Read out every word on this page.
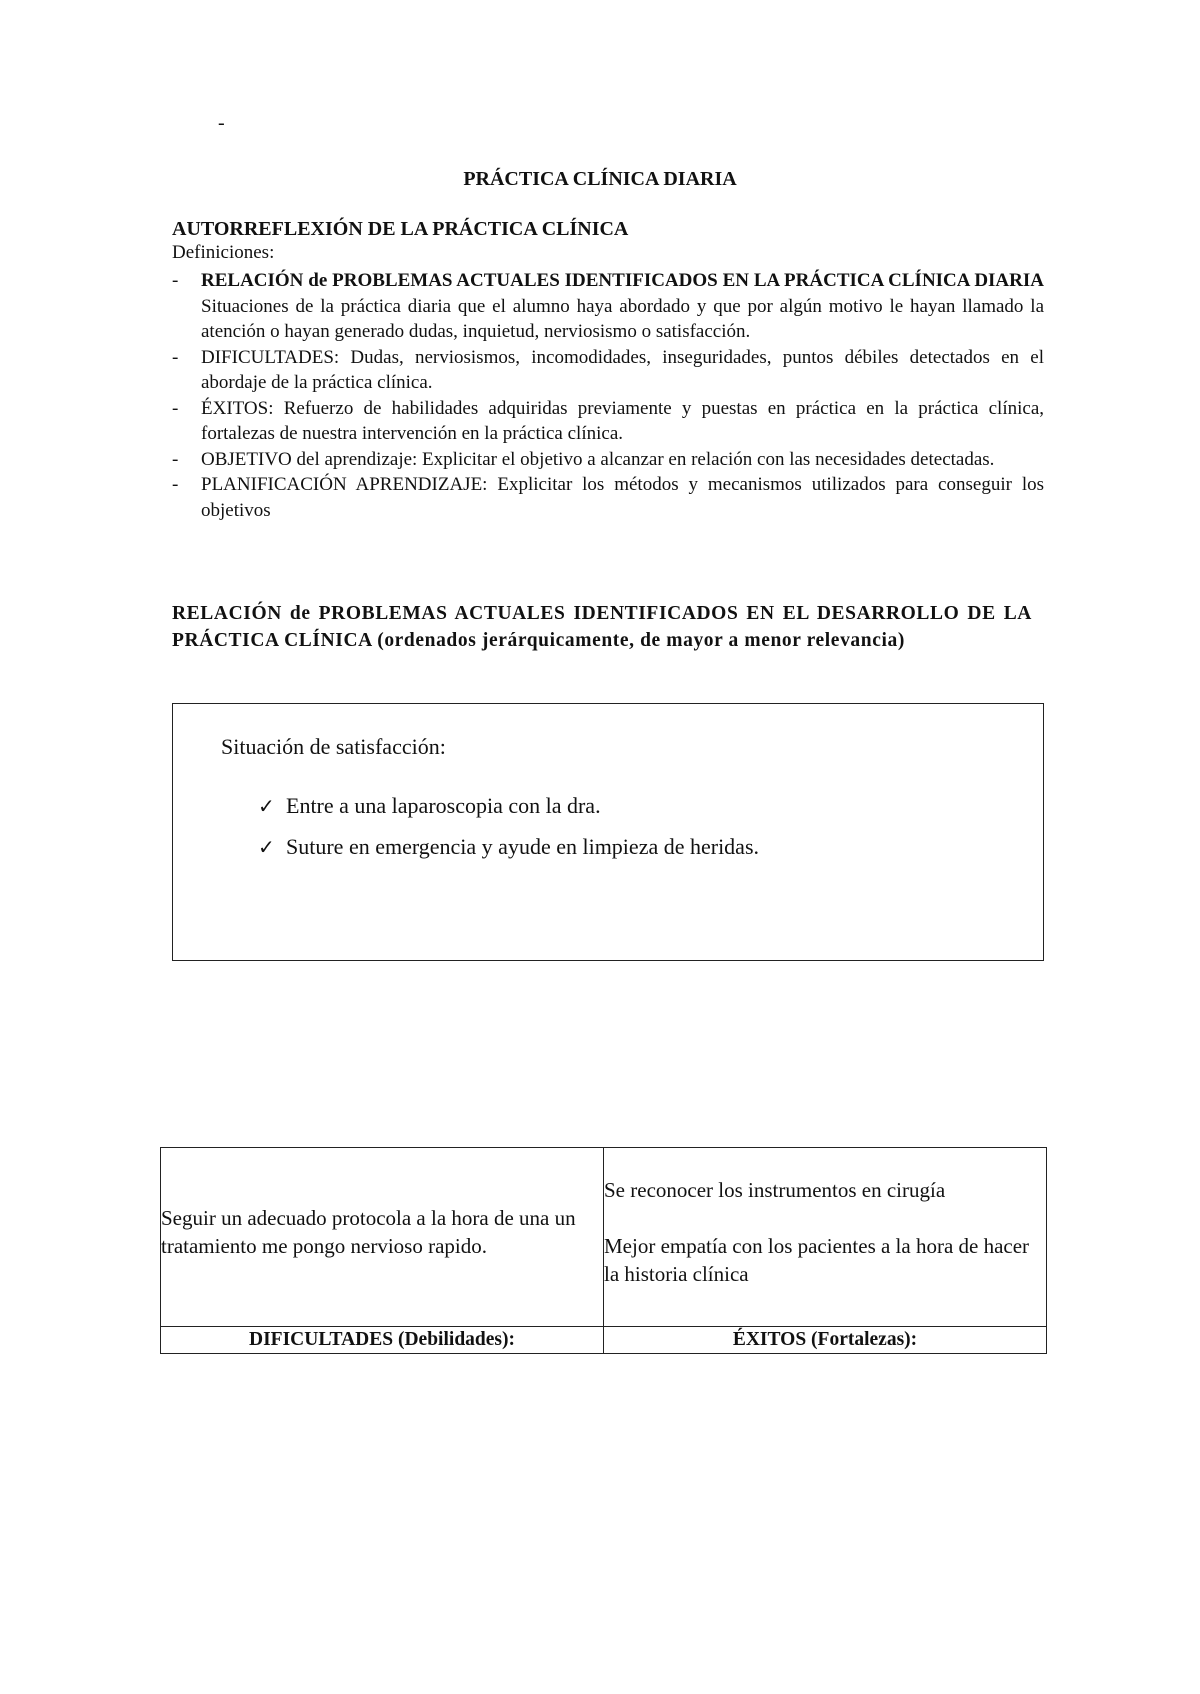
-
PRÁCTICA CLÍNICA DIARIA
AUTORREFLEXIÓN DE LA PRÁCTICA CLÍNICA
Definiciones:
- RELACIÓN de PROBLEMAS ACTUALES IDENTIFICADOS EN LA PRÁCTICA CLÍNICA DIARIA Situaciones de la práctica diaria que el alumno haya abordado y que por algún motivo le hayan llamado la atención o hayan generado dudas, inquietud, nerviosismo o satisfacción.
- DIFICULTADES: Dudas, nerviosismos, incomodidades, inseguridades, puntos débiles detectados en el abordaje de la práctica clínica.
- ÉXITOS: Refuerzo de habilidades adquiridas previamente y puestas en práctica en la práctica clínica, fortalezas de nuestra intervención en la práctica clínica.
- OBJETIVO del aprendizaje: Explicitar el objetivo a alcanzar en relación con las necesidades detectadas.
- PLANIFICACIÓN APRENDIZAJE: Explicitar los métodos y mecanismos utilizados para conseguir los objetivos
RELACIÓN de PROBLEMAS ACTUALES IDENTIFICADOS EN EL DESARROLLO DE LA PRÁCTICA CLÍNICA (ordenados jerárquicamente, de mayor a menor relevancia)
Situación de satisfacción:
✓ Entre a una laparoscopia con la dra.
✓ Suture en emergencia y ayude en limpieza de heridas.
Seguir un adecuado protocola a la hora de una un tratamiento me pongo nervioso rapido.	Se reconocer los instrumentos en cirugía

Mejor empatía con los pacientes a la hora de hacer la historia clínica

DIFICULTADES (Debilidades):	ÉXITOS (Fortalezas):
